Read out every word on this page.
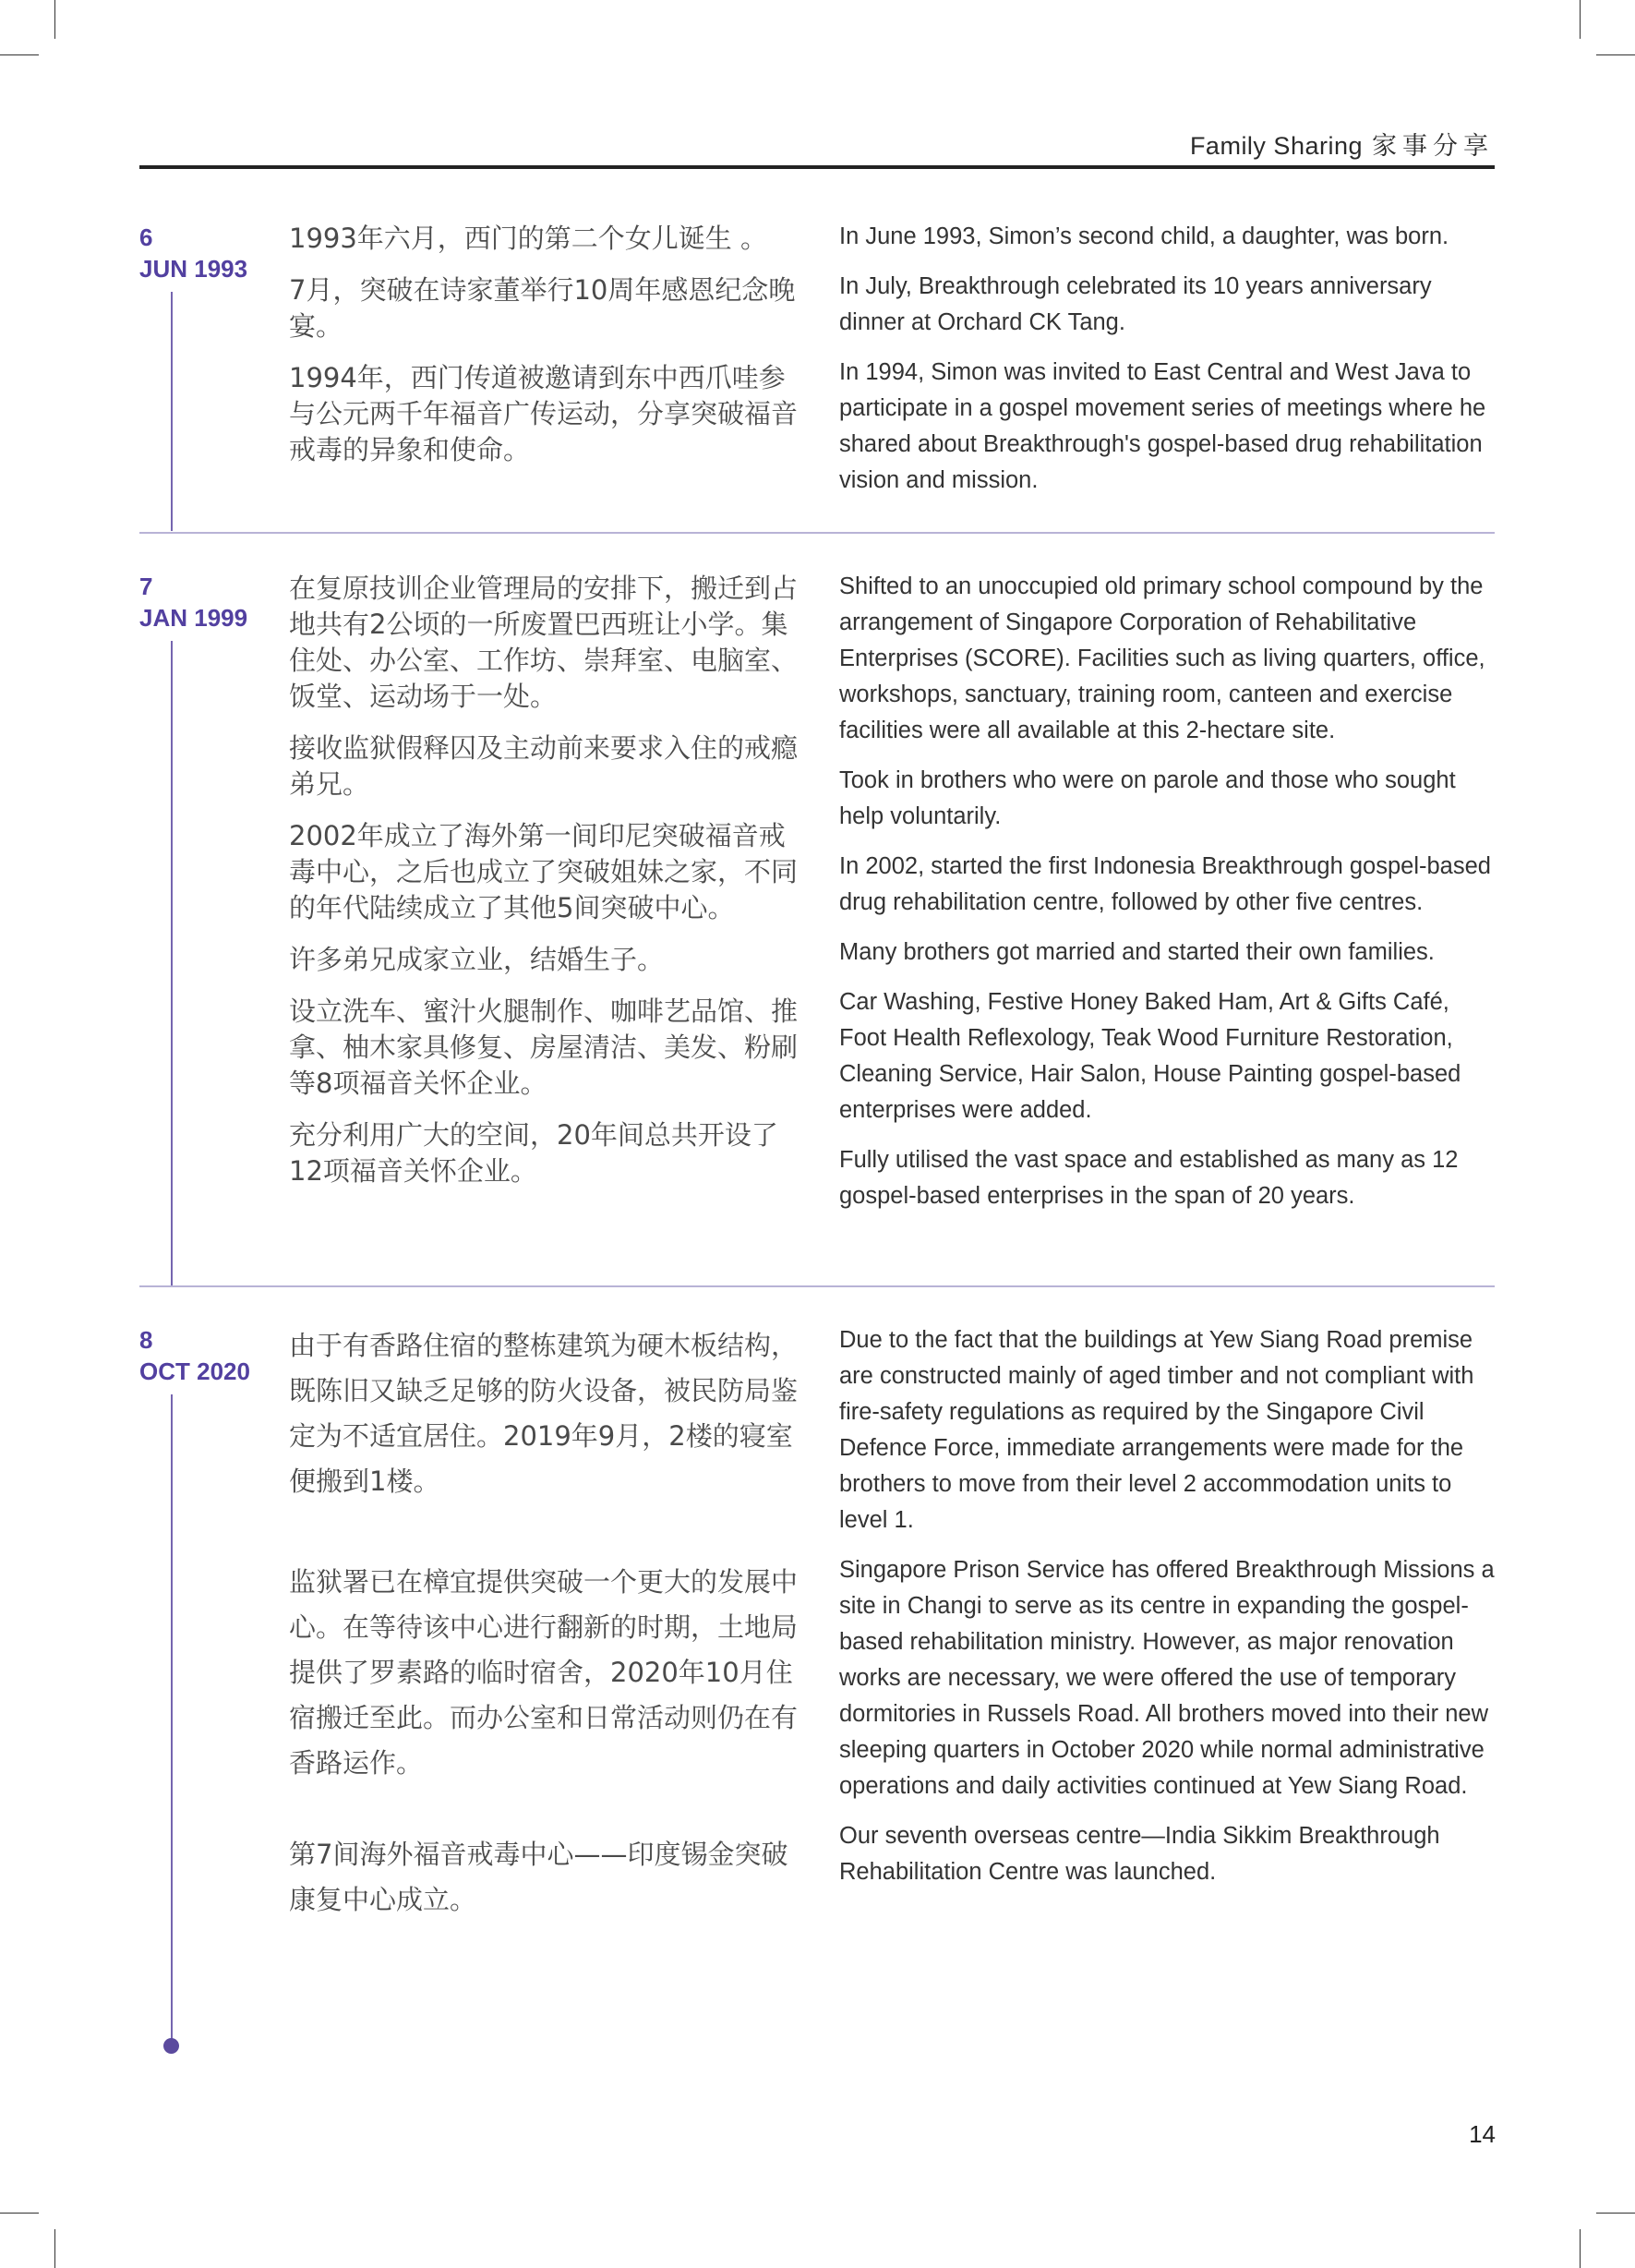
Family Sharing 家事分享
6
JUN 1993

1993年六月，西门的第二个女儿诞生 。

7月，突破在诗家董举行10周年感恩纪念晚宴。

1994年，西门传道被邀请到东中西爪哇参与公元两千年福音广传运动，分享突破福音戒毒的异象和使命。

In June 1993, Simon’s second child, a daughter, was born.

In July, Breakthrough celebrated its 10 years anniversary dinner at Orchard CK Tang.

In 1994, Simon was invited to East Central and West Java to participate in a gospel movement series of meetings where he shared about Breakthrough's gospel-based drug rehabilitation vision and mission.

7
JAN 1999

在复原技训企业管理局的安排下，搬迁到占地共有2公顷的一所废置巴西班让小学。集住处、办公室、工作坊、崇拜室、电脑室、饭堂、运动场于一处。

接收监狱假释囚及主动前来要求入住的戒瘾弟兄。

2002年成立了海外第一间印尼突破福音戒毒中心，之后也成立了突破姐妹之家，不同的年代陆续成立了其他5间突破中心。

许多弟兄成家立业，结婚生子。

设立洗车、蜜汁火腿制作、咖啡艺品馆、推拿、柚木家具修复、房屋清洁、美发、粉刷等8项福音关怀企业。

充分利用广大的空间，20年间总共开设了12项福音关怀企业。

Shifted to an unoccupied old primary school compound by the arrangement of Singapore Corporation of Rehabilitative Enterprises (SCORE). Facilities such as living quarters, office, workshops, sanctuary, training room, canteen and exercise facilities were all available at this 2-hectare site.

Took in brothers who were on parole and those who sought help voluntarily.

In 2002, started the first Indonesia Breakthrough gospel-based drug rehabilitation centre, followed by other five centres.

Many brothers got married and started their own families.

Car Washing, Festive Honey Baked Ham, Art & Gifts Café, Foot Health Reflexology, Teak Wood Furniture Restoration, Cleaning Service, Hair Salon, House Painting gospel-based enterprises were added.

Fully utilised the vast space and established as many as 12 gospel-based enterprises in the span of 20 years.

8
OCT 2020

由于有香路住宿的整栋建筑为硬木板结构，既陈旧又缺乏足够的防火设备，被民防局鉴定为不适宜居住。2019年9月，2楼的寝室便搬到1楼。

监狱署已在樟宜提供突破一个更大的发展中心。在等待该中心进行翻新的时期，土地局提供了罗素路的临时宿舍，2020年10月住宿搬迁至此。而办公室和日常活动则仍在有香路运作。

第7间海外福音戒毒中心——印度锡金突破康复中心成立。

Due to the fact that the buildings at Yew Siang Road premise are constructed mainly of aged timber and not compliant with fire-safety regulations as required by the Singapore Civil Defence Force, immediate arrangements were made for the brothers to move from their level 2 accommodation units to level 1.

Singapore Prison Service has offered Breakthrough Missions a site in Changi to serve as its centre in expanding the gospel-based rehabilitation ministry. However, as major renovation works are necessary, we were offered the use of temporary dormitories in Russels Road. All brothers moved into their new sleeping quarters in October 2020 while normal administrative operations and daily activities continued at Yew Siang Road.

Our seventh overseas centre—India Sikkim Breakthrough Rehabilitation Centre was launched.

14
